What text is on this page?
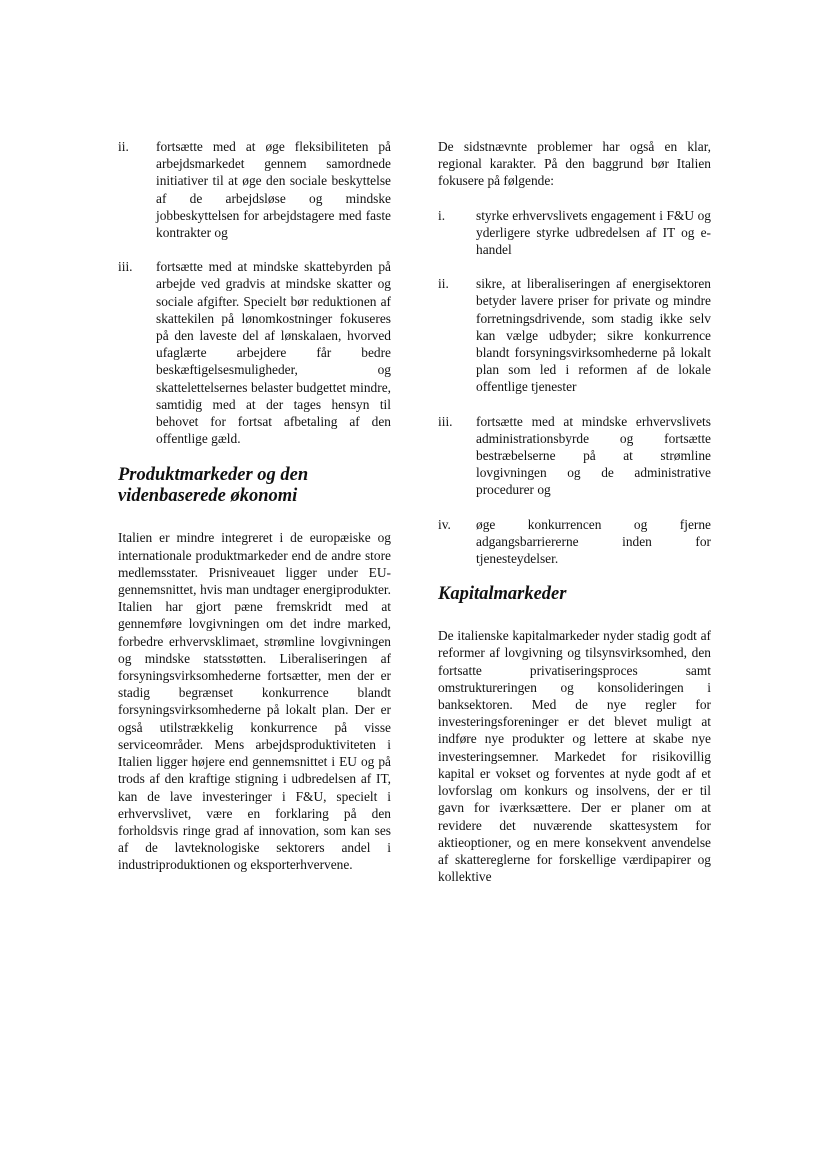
ii.	fortsætte med at øge fleksibiliteten på arbejdsmarkedet gennem samordnede initiativer til at øge den sociale beskyttelse af de arbejdsløse og mindske jobbeskyttelsen for arbejdstagere med faste kontrakter og
iii.	fortsætte med at mindske skattebyrden på arbejde ved gradvis at mindske skatter og sociale afgifter. Specielt bør reduktionen af skattekilen på lønomkostninger fokuseres på den laveste del af lønskalaen, hvorved ufaglærte arbejdere får bedre beskæftigelsesmuligheder, og skattelettelsernes belaster budgettet mindre, samtidig med at der tages hensyn til behovet for fortsat afbetaling af den offentlige gæld.
Produktmarkeder og den videnbaserede økonomi

Italien er mindre integreret i de europæiske og internationale produktmarkeder end de andre store medlemsstater. Prisniveauet ligger under EU-gennemsnittet, hvis man undtager energiprodukter. Italien har gjort pæne fremskridt med at gennemføre lovgivningen om det indre marked, forbedre erhvervsklimaet, strømline lovgivningen og mindske statsstøtten. Liberaliseringen af forsyningsvirksomhederne fortsætter, men der er stadig begrænset konkurrence blandt forsyningsvirksomhederne på lokalt plan. Der er også utilstrækkelig konkurrence på visse serviceområder. Mens arbejdsproduktiviteten i Italien ligger højere end gennemsnittet i EU og på trods af den kraftige stigning i udbredelsen af IT, kan de lave investeringer i F&U, specielt i erhvervslivet, være en forklaring på den forholdsvis ringe grad af innovation, som kan ses af de lavteknologiske sektorers andel i industriproduktionen og eksporterhvervene.

De sidstnævnte problemer har også en klar, regional karakter. På den baggrund bør Italien fokusere på følgende:

i.	styrke erhvervslivets engagement i F&U og yderligere styrke udbredelsen af IT og e-handel
ii.	sikre, at liberaliseringen af energisektoren betyder lavere priser for private og mindre forretningsdrivende, som stadig ikke selv kan vælge udbyder; sikre konkurrence blandt forsyningsvirksomhederne på lokalt plan som led i reformen af de lokale offentlige tjenester
iii.	fortsætte med at mindske erhvervslivets administrationsbyrde og fortsætte bestræbelserne på at strømline lovgivningen og de administrative procedurer og
iv.	øge konkurrencen og fjerne adgangsbarriererne inden for tjenesteydelser.
Kapitalmarkeder

De italienske kapitalmarkeder nyder stadig godt af reformer af lovgivning og tilsynsvirksomhed, den fortsatte privatiseringsproces samt omstruktureringen og konsolideringen i banksektoren. Med de nye regler for investeringsforeninger er det blevet muligt at indføre nye produkter og lettere at skabe nye investeringsemner. Markedet for risikovillig kapital er vokset og forventes at nyde godt af et lovforslag om konkurs og insolvens, der er til gavn for iværksættere. Der er planer om at revidere det nuværende skattesystem for aktieoptioner, og en mere konsekvent anvendelse af skattereglerne for forskellige værdipapirer og kollektive
